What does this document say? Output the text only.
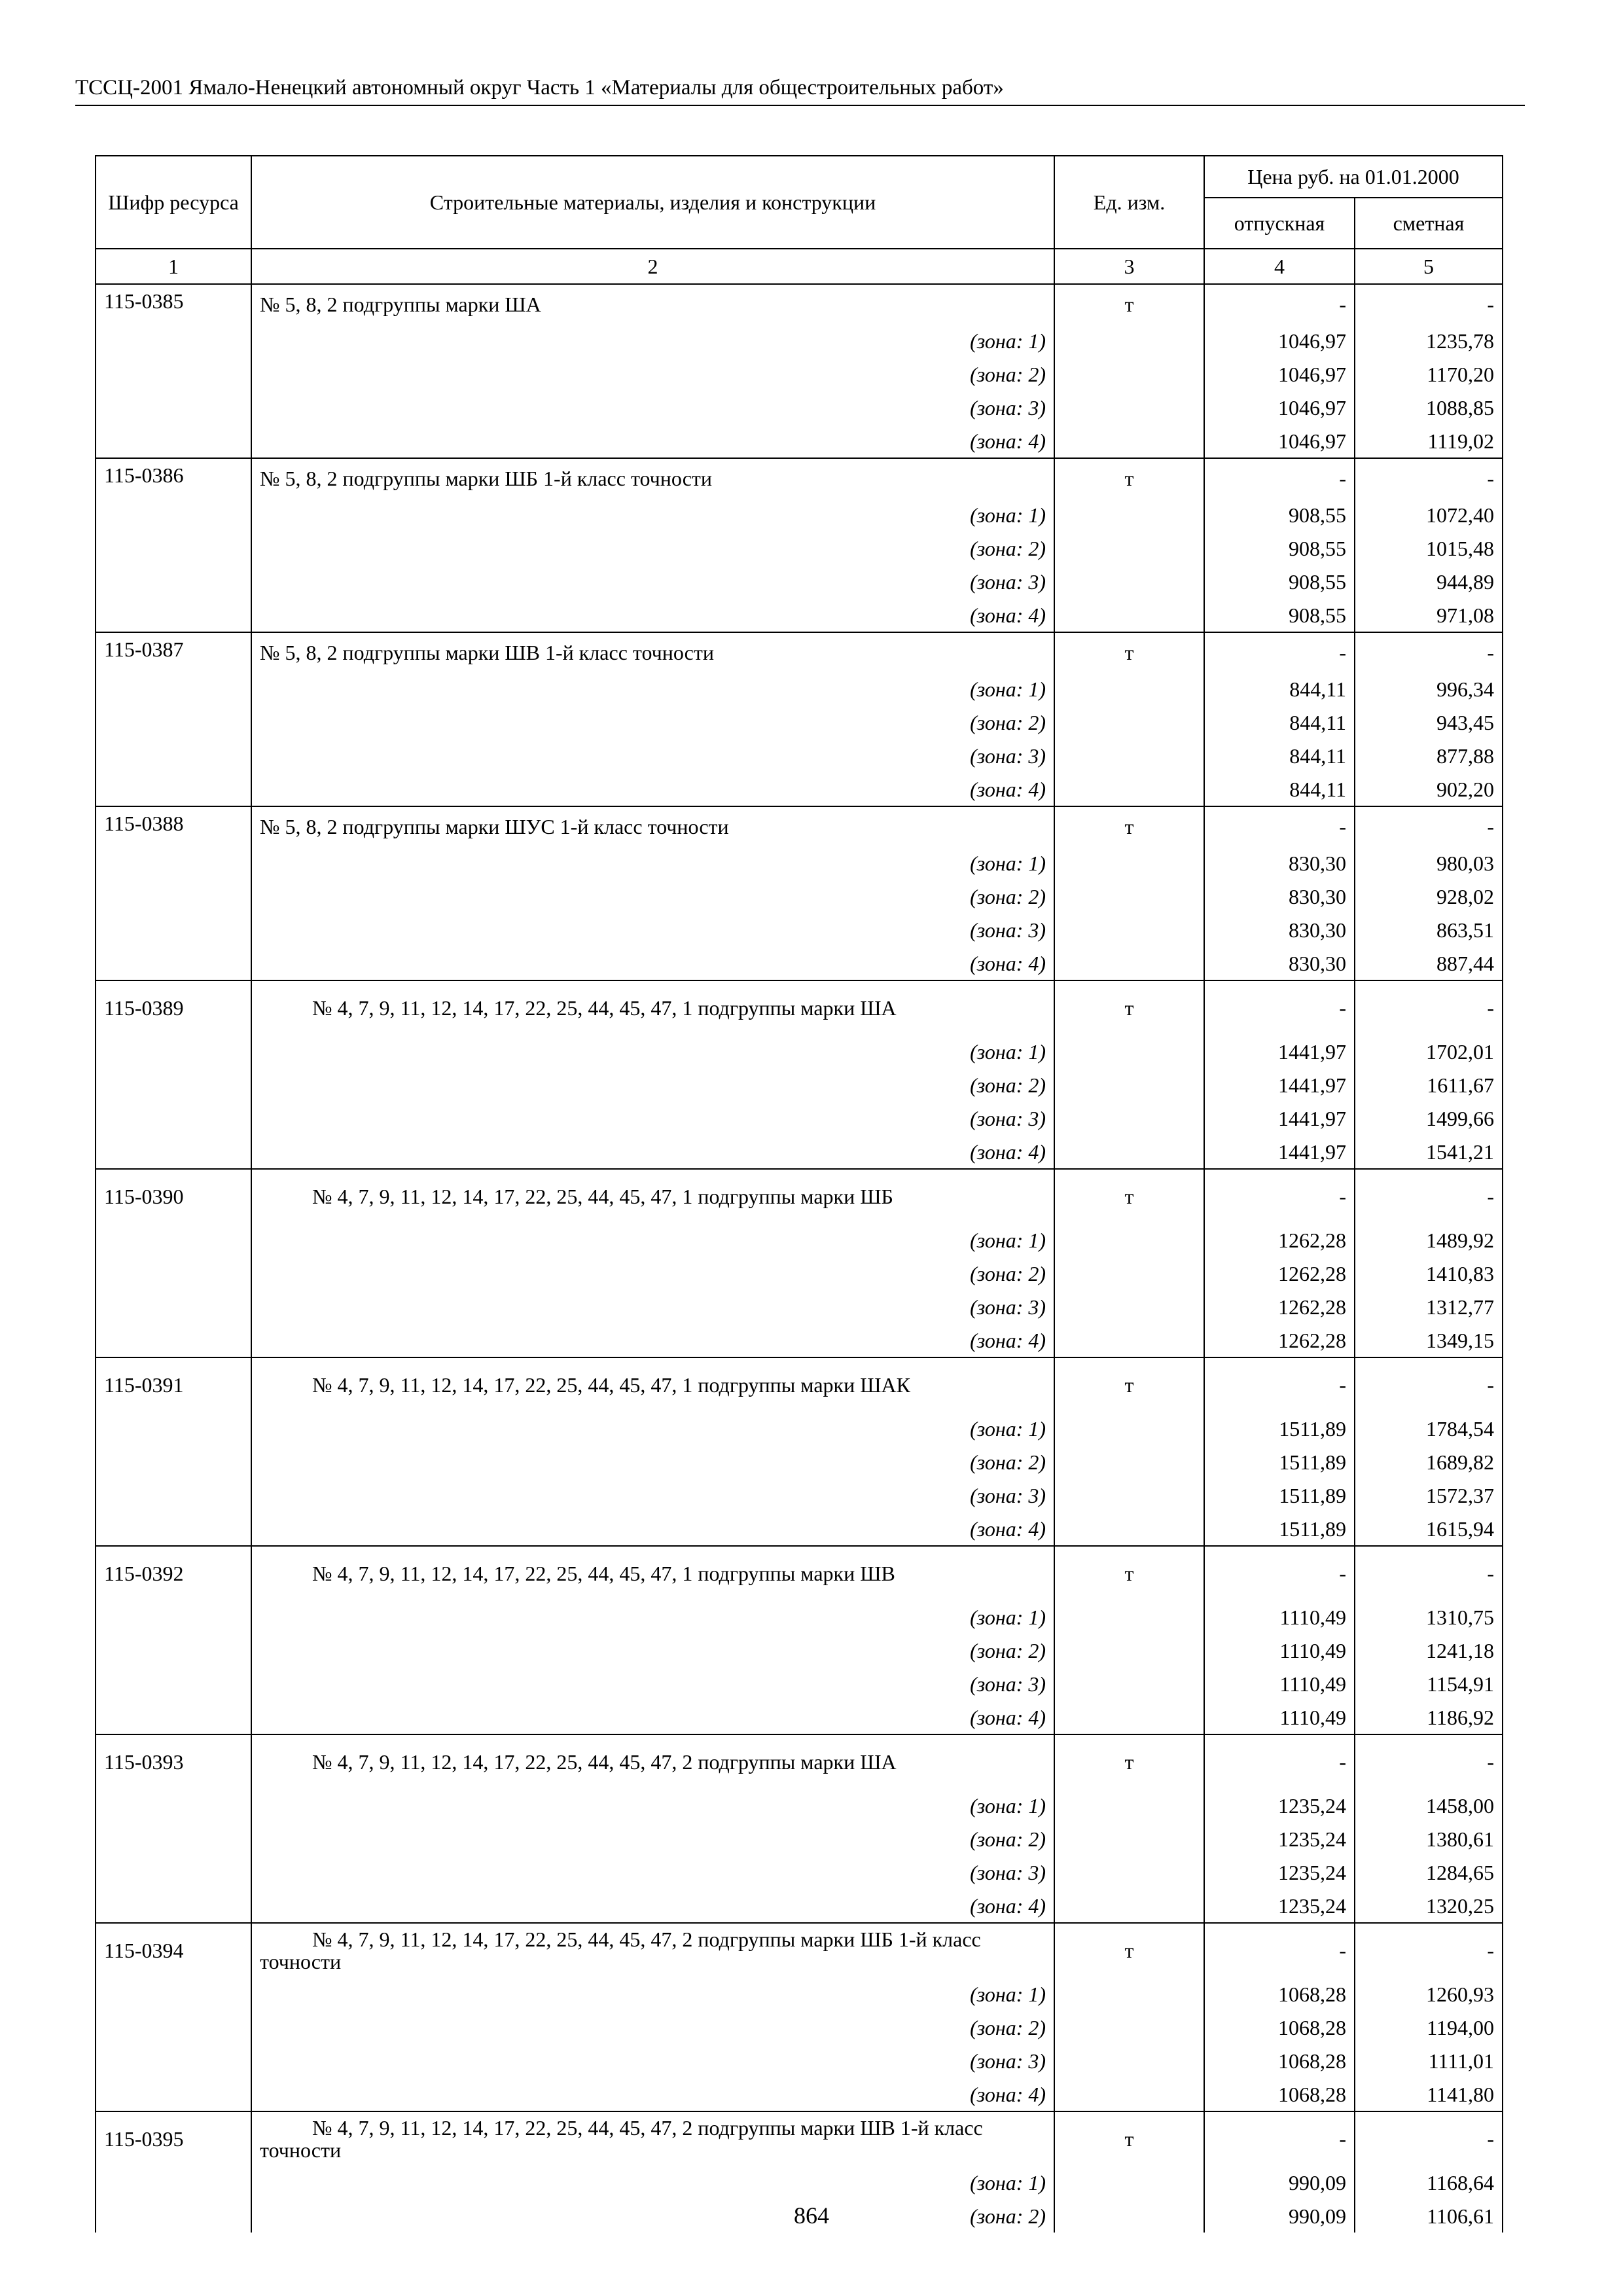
ТССЦ-2001 Ямало-Ненецкий автономный округ Часть 1 «Материалы для общестроительных работ»
Шифр ресурса	Строительные материалы, изделия и конструкции	Ед. изм.	Цена руб. на 01.01.2000	
			отпускная	сметная
1	2	3	4	5
115-0385	№ 5, 8, 2 подгруппы марки ША	т	-	-
	(зона: 1)		1046,97	1235,78
	(зона: 2)		1046,97	1170,20
	(зона: 3)		1046,97	1088,85
	(зона: 4)		1046,97	1119,02
115-0386	№ 5, 8, 2 подгруппы марки ШБ 1-й класс точности	т	-	-
	(зона: 1)		908,55	1072,40
	(зона: 2)		908,55	1015,48
	(зона: 3)		908,55	944,89
	(зона: 4)		908,55	971,08
115-0387	№ 5, 8, 2 подгруппы марки ШВ 1-й класс точности	т	-	-
	(зона: 1)		844,11	996,34
	(зона: 2)		844,11	943,45
	(зона: 3)		844,11	877,88
	(зона: 4)		844,11	902,20
115-0388	№ 5, 8, 2 подгруппы марки ШУС 1-й класс точности	т	-	-
	(зона: 1)		830,30	980,03
	(зона: 2)		830,30	928,02
	(зона: 3)		830,30	863,51
	(зона: 4)		830,30	887,44
115-0389	№ 4, 7, 9, 11, 12, 14, 17, 22, 25, 44, 45, 47, 1 подгруппы марки ША	т	-	-
	(зона: 1)		1441,97	1702,01
	(зона: 2)		1441,97	1611,67
	(зона: 3)		1441,97	1499,66
	(зона: 4)		1441,97	1541,21
115-0390	№ 4, 7, 9, 11, 12, 14, 17, 22, 25, 44, 45, 47, 1 подгруппы марки ШБ	т	-	-
	(зона: 1)		1262,28	1489,92
	(зона: 2)		1262,28	1410,83
	(зона: 3)		1262,28	1312,77
	(зона: 4)		1262,28	1349,15
115-0391	№ 4, 7, 9, 11, 12, 14, 17, 22, 25, 44, 45, 47, 1 подгруппы марки ШАК	т	-	-
	(зона: 1)		1511,89	1784,54
	(зона: 2)		1511,89	1689,82
	(зона: 3)		1511,89	1572,37
	(зона: 4)		1511,89	1615,94
115-0392	№ 4, 7, 9, 11, 12, 14, 17, 22, 25, 44, 45, 47, 1 подгруппы марки ШВ	т	-	-
	(зона: 1)		1110,49	1310,75
	(зона: 2)		1110,49	1241,18
	(зона: 3)		1110,49	1154,91
	(зона: 4)		1110,49	1186,92
115-0393	№ 4, 7, 9, 11, 12, 14, 17, 22, 25, 44, 45, 47, 2 подгруппы марки ША	т	-	-
	(зона: 1)		1235,24	1458,00
	(зона: 2)		1235,24	1380,61
	(зона: 3)		1235,24	1284,65
	(зона: 4)		1235,24	1320,25
115-0394	№ 4, 7, 9, 11, 12, 14, 17, 22, 25, 44, 45, 47, 2 подгруппы марки ШБ 1-й класс точности	т	-	-
	(зона: 1)		1068,28	1260,93
	(зона: 2)		1068,28	1194,00
	(зона: 3)		1068,28	1111,01
	(зона: 4)		1068,28	1141,80
115-0395	№ 4, 7, 9, 11, 12, 14, 17, 22, 25, 44, 45, 47, 2 подгруппы марки ШВ 1-й класс точности	т	-	-
	(зона: 1)		990,09	1168,64
	(зона: 2)		990,09	1106,61
864
